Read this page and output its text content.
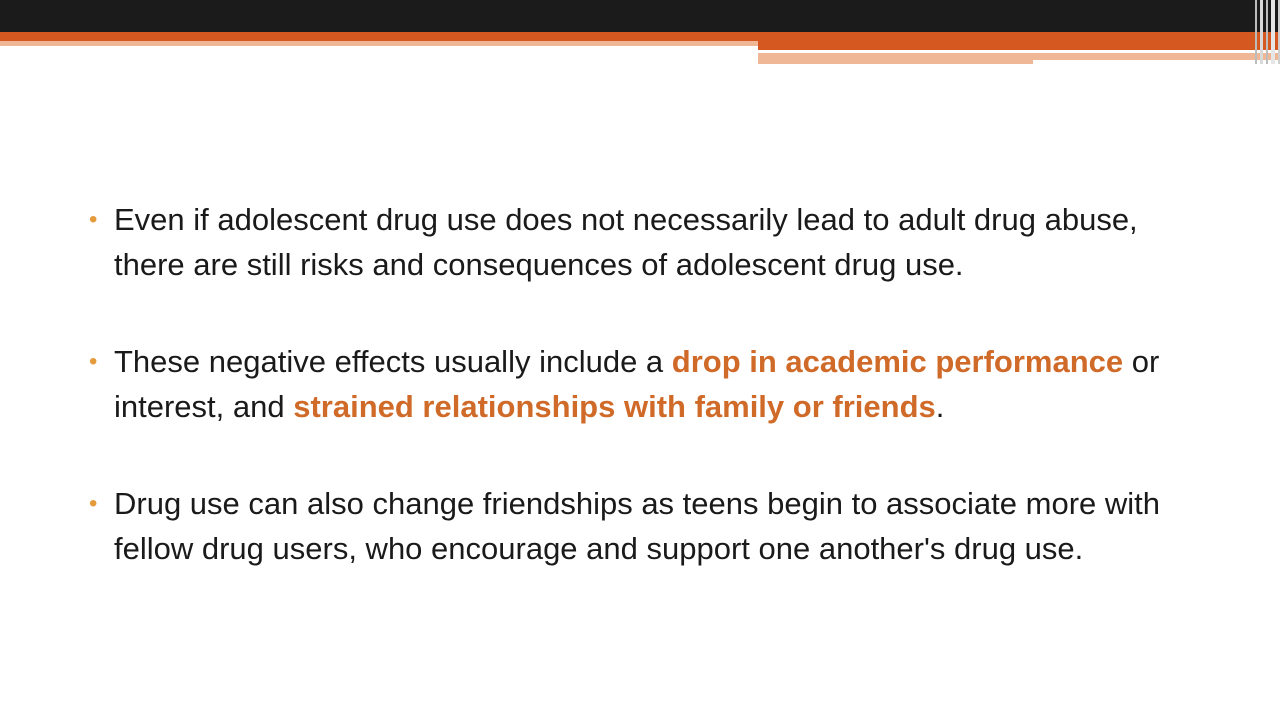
• Even if adolescent drug use does not necessarily lead to adult drug abuse, there are still risks and consequences of adolescent drug use.
• These negative effects usually include a drop in academic performance or interest, and strained relationships with family or friends.
• Drug use can also change friendships as teens begin to associate more with fellow drug users, who encourage and support one another's drug use.
